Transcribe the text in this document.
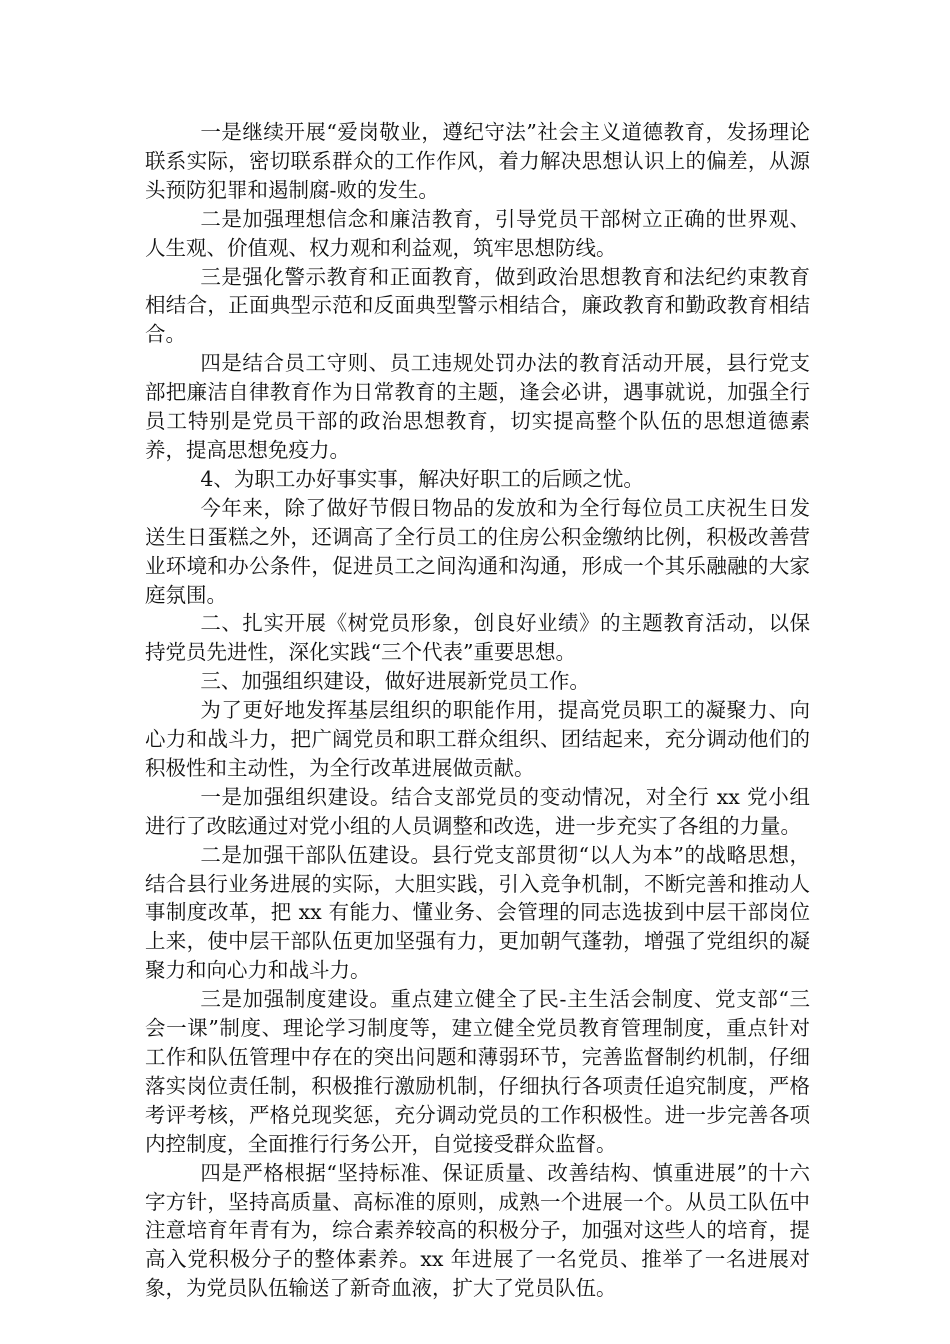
一是继续开展“爱岗敬业，遵纪守法”社会主义道德教育，发扬理论联系实际，密切联系群众的工作作风，着力解决思想认识上的偏差，从源头预防犯罪和遏制腐-败的发生。

二是加强理想信念和廉洁教育，引导党员干部树立正确的世界观、人生观、价值观、权力观和利益观，筑牢思想防线。

三是强化警示教育和正面教育，做到政治思想教育和法纪约束教育相结合，正面典型示范和反面典型警示相结合，廉政教育和勤政教育相结合。

四是结合员工守则、员工违规处罚办法的教育活动开展，县行党支部把廉洁自律教育作为日常教育的主题，逢会必讲，遇事就说，加强全行员工特别是党员干部的政治思想教育，切实提高整个队伍的思想道德素养，提高思想免疫力。

4、为职工办好事实事，解决好职工的后顾之忧。

今年来，除了做好节假日物品的发放和为全行每位员工庆祝生日发送生日蛋糕之外，还调高了全行员工的住房公积金缴纳比例，积极改善营业环境和办公条件，促进员工之间沟通和沟通，形成一个其乐融融的大家庭氛围。

二、扎实开展《树党员形象，创良好业绩》的主题教育活动，以保持党员先进性，深化实践“三个代表”重要思想。

三、加强组织建设，做好进展新党员工作。

为了更好地发挥基层组织的职能作用，提高党员职工的凝聚力、向心力和战斗力，把广阔党员和职工群众组织、团结起来，充分调动他们的积极性和主动性，为全行改革进展做贡献。

一是加强组织建设。结合支部党员的变动情况，对全行 xx 党小组进行了改眩通过对党小组的人员调整和改选，进一步充实了各组的力量。

二是加强干部队伍建设。县行党支部贯彻“以人为本”的战略思想，结合县行业务进展的实际，大胆实践，引入竞争机制，不断完善和推动人事制度改革，把 xx 有能力、懂业务、会管理的同志选拔到中层干部岗位上来，使中层干部队伍更加坚强有力，更加朝气蓬勃，增强了党组织的凝聚力和向心力和战斗力。

三是加强制度建设。重点建立健全了民-主生活会制度、党支部“三会一课”制度、理论学习制度等，建立健全党员教育管理制度，重点针对工作和队伍管理中存在的突出问题和薄弱环节，完善监督制约机制，仔细落实岗位责任制，积极推行激励机制，仔细执行各项责任追究制度，严格考评考核，严格兑现奖惩，充分调动党员的工作积极性。进一步完善各项内控制度，全面推行行务公开，自觉接受群众监督。

四是严格根据“坚持标准、保证质量、改善结构、慎重进展”的十六字方针，坚持高质量、高标准的原则，成熟一个进展一个。从员工队伍中注意培育年青有为，综合素养较高的积极分子，加强对这些人的培育，提高入党积极分子的整体素养。xx 年进展了一名党员、推举了一名进展对象，为党员队伍输送了新奇血液，扩大了党员队伍。
